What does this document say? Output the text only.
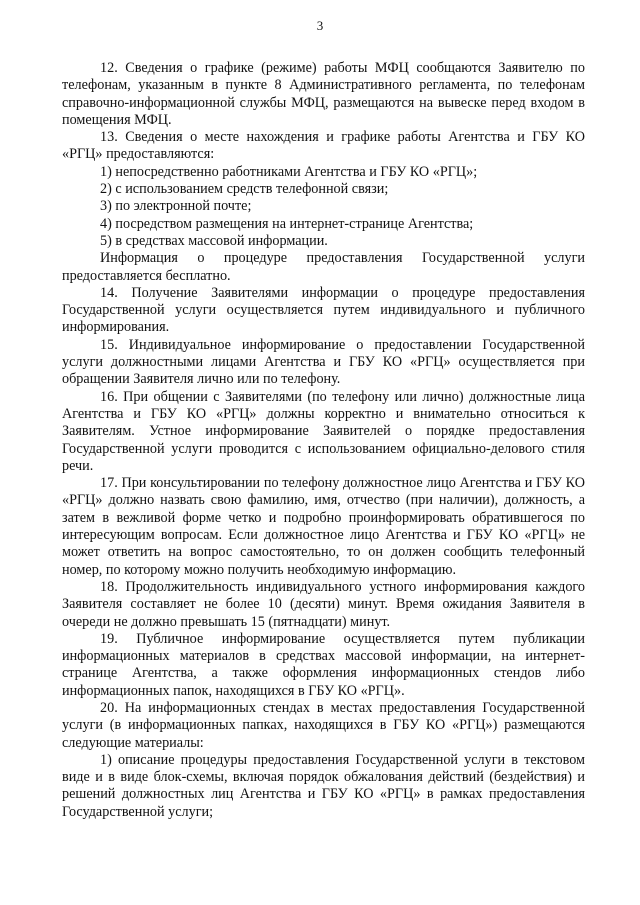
3

12. Сведения о графике (режиме) работы МФЦ сообщаются Заявителю по телефонам, указанным в пункте 8 Административного регламента, по телефонам справочно-информационной службы МФЦ, размещаются на вывеске перед входом в помещения МФЦ.

13. Сведения о месте нахождения и графике работы Агентства и ГБУ КО «РГЦ» предоставляются:

1) непосредственно работниками Агентства и ГБУ КО «РГЦ»;

2) с использованием средств телефонной связи;

3) по электронной почте;

4) посредством размещения на интернет-странице Агентства;

5) в средствах массовой информации.

Информация о процедуре предоставления Государственной услуги предоставляется бесплатно.

14. Получение Заявителями информации о процедуре предоставления Государственной услуги осуществляется путем индивидуального и публичного информирования.

15. Индивидуальное информирование о предоставлении Государственной услуги должностными лицами Агентства и ГБУ КО «РГЦ» осуществляется при обращении Заявителя лично или по телефону.

16. При общении с Заявителями (по телефону или лично) должностные лица Агентства и ГБУ КО «РГЦ» должны корректно и внимательно относиться к Заявителям. Устное информирование Заявителей о порядке предоставления Государственной услуги проводится с использованием официально-делового стиля речи.

17. При консультировании по телефону должностное лицо Агентства и ГБУ КО «РГЦ» должно назвать свою фамилию, имя, отчество (при наличии), должность, а затем в вежливой форме четко и подробно проинформировать обратившегося по интересующим вопросам. Если должностное лицо Агентства и ГБУ КО «РГЦ» не может ответить на вопрос самостоятельно, то он должен сообщить телефонный номер, по которому можно получить необходимую информацию.

18. Продолжительность индивидуального устного информирования каждого Заявителя составляет не более 10 (десяти) минут. Время ожидания Заявителя в очереди не должно превышать 15 (пятнадцати) минут.

19. Публичное информирование осуществляется путем публикации информационных материалов в средствах массовой информации, на интернет-странице Агентства, а также оформления информационных стендов либо информационных папок, находящихся в ГБУ КО «РГЦ».

20. На информационных стендах в местах предоставления Государственной услуги (в информационных папках, находящихся в ГБУ КО «РГЦ») размещаются следующие материалы:

1) описание процедуры предоставления Государственной услуги в текстовом виде и в виде блок-схемы, включая порядок обжалования действий (бездействия) и решений должностных лиц Агентства и ГБУ КО «РГЦ» в рамках предоставления Государственной услуги;
